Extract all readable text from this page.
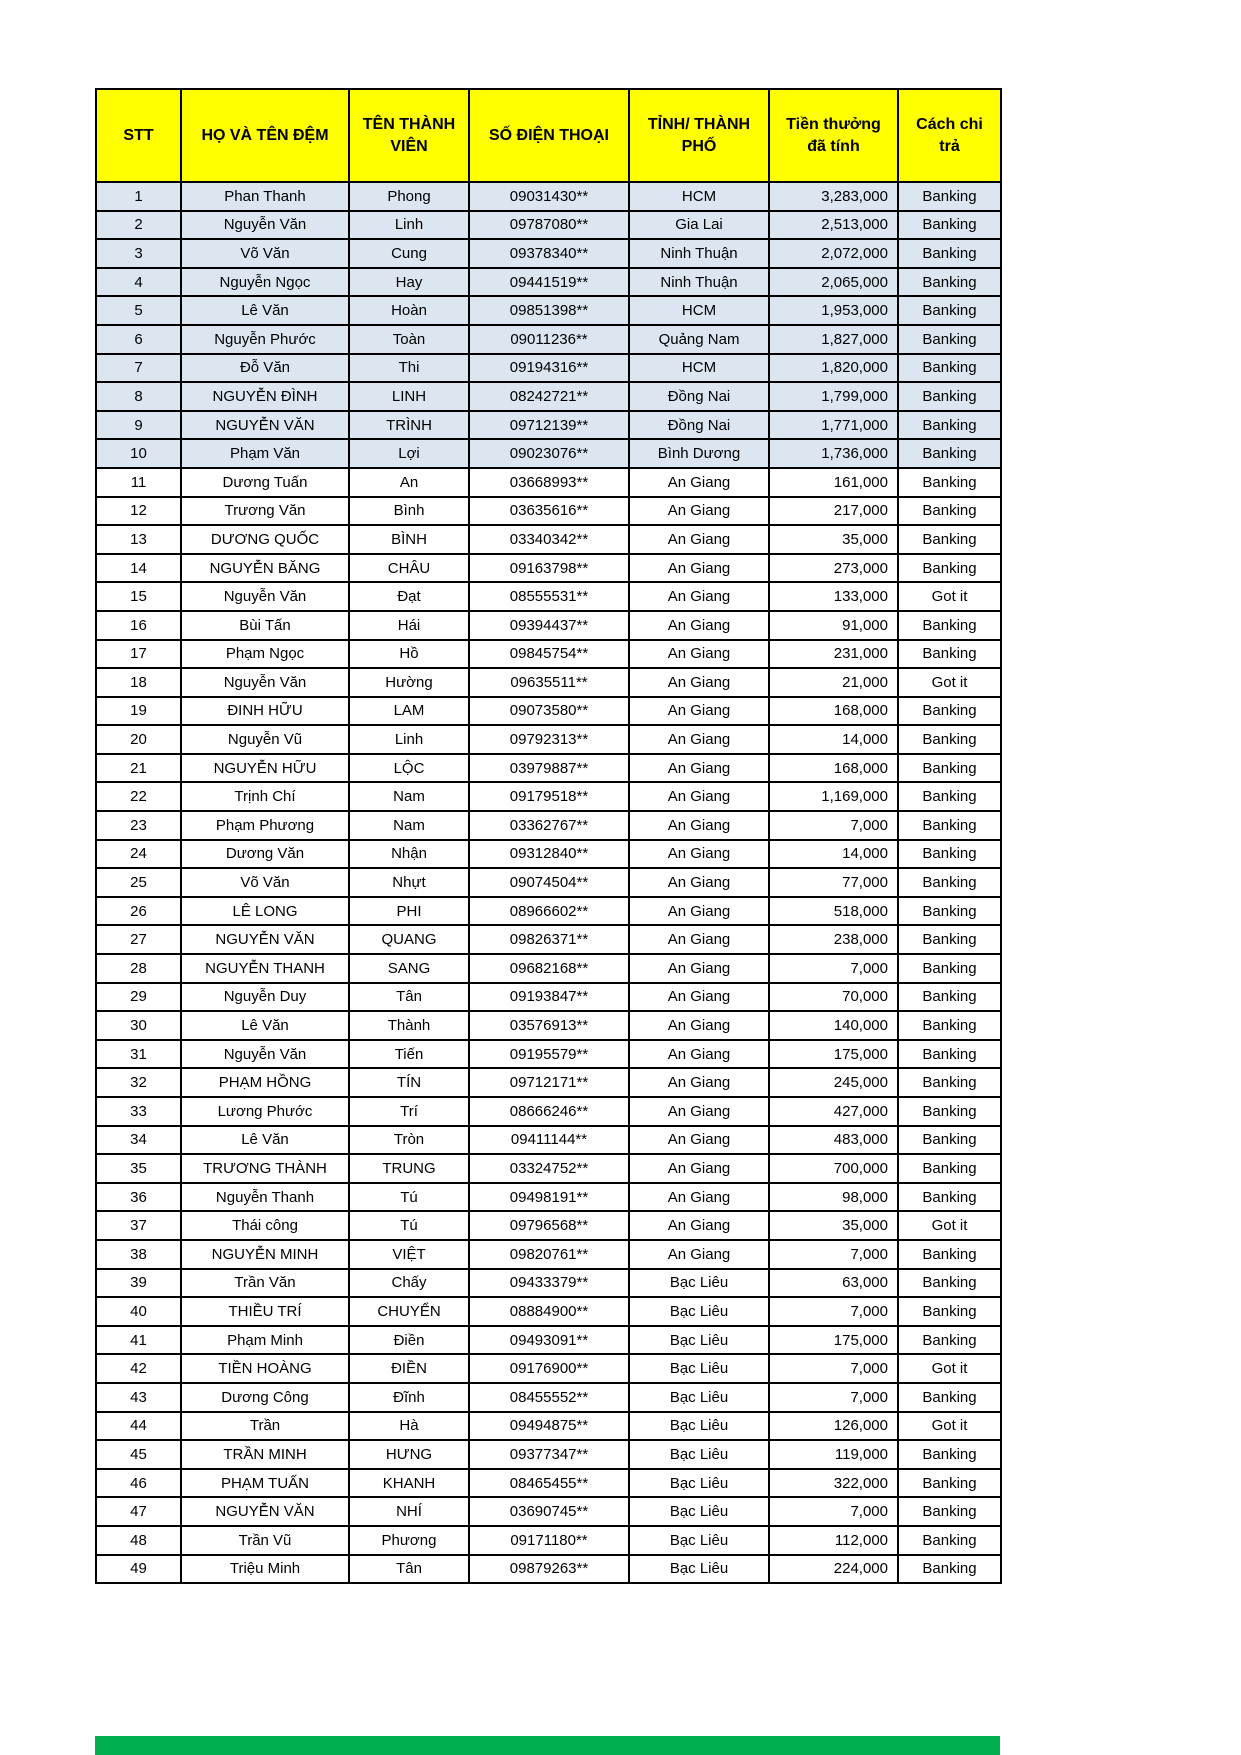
STT	HỌ VÀ TÊN ĐỆM	TÊN THÀNH VIÊN	SỐ ĐIỆN THOẠI	TỈNH/ THÀNH PHỐ	Tiền thưởng đã tính	Cách chi trả
1	Phan Thanh	Phong	09031430**	HCM	3,283,000	Banking
2	Nguyễn Văn	Linh	09787080**	Gia Lai	2,513,000	Banking
3	Võ Văn	Cung	09378340**	Ninh Thuận	2,072,000	Banking
4	Nguyễn Ngọc	Hay	09441519**	Ninh Thuận	2,065,000	Banking
5	Lê Văn	Hoàn	09851398**	HCM	1,953,000	Banking
6	Nguyễn Phước	Toàn	09011236**	Quảng Nam	1,827,000	Banking
7	Đỗ Văn	Thi	09194316**	HCM	1,820,000	Banking
8	NGUYỄN ĐÌNH	LINH	08242721**	Đồng Nai	1,799,000	Banking
9	NGUYỄN VĂN	TRÌNH	09712139**	Đồng Nai	1,771,000	Banking
10	Phạm Văn	Lợi	09023076**	Bình Dương	1,736,000	Banking
11	Dương Tuấn	An	03668993**	An Giang	161,000	Banking
12	Trương Văn	Bình	03635616**	An Giang	217,000	Banking
13	DƯƠNG QUỐC	BÌNH	03340342**	An Giang	35,000	Banking
14	NGUYỄN BĂNG	CHÂU	09163798**	An Giang	273,000	Banking
15	Nguyễn Văn	Đạt	08555531**	An Giang	133,000	Got it
16	Bùi Tấn	Hái	09394437**	An Giang	91,000	Banking
17	Phạm Ngọc	Hồ	09845754**	An Giang	231,000	Banking
18	Nguyễn Văn	Hường	09635511**	An Giang	21,000	Got it
19	ĐINH HỮU	LAM	09073580**	An Giang	168,000	Banking
20	Nguyễn Vũ	Linh	09792313**	An Giang	14,000	Banking
21	NGUYỄN HỮU	LỘC	03979887**	An Giang	168,000	Banking
22	Trịnh Chí	Nam	09179518**	An Giang	1,169,000	Banking
23	Phạm Phương	Nam	03362767**	An Giang	7,000	Banking
24	Dương Văn	Nhận	09312840**	An Giang	14,000	Banking
25	Võ Văn	Nhựt	09074504**	An Giang	77,000	Banking
26	LÊ LONG	PHI	08966602**	An Giang	518,000	Banking
27	NGUYỄN VĂN	QUANG	09826371**	An Giang	238,000	Banking
28	NGUYỄN THANH	SANG	09682168**	An Giang	7,000	Banking
29	Nguyễn Duy	Tân	09193847**	An Giang	70,000	Banking
30	Lê Văn	Thành	03576913**	An Giang	140,000	Banking
31	Nguyễn Văn	Tiến	09195579**	An Giang	175,000	Banking
32	PHẠM HỒNG	TÍN	09712171**	An Giang	245,000	Banking
33	Lương Phước	Trí	08666246**	An Giang	427,000	Banking
34	Lê Văn	Tròn	09411144**	An Giang	483,000	Banking
35	TRƯƠNG THÀNH	TRUNG	03324752**	An Giang	700,000	Banking
36	Nguyễn Thanh	Tú	09498191**	An Giang	98,000	Banking
37	Thái công	Tú	09796568**	An Giang	35,000	Got it
38	NGUYỄN MINH	VIỆT	09820761**	An Giang	7,000	Banking
39	Trần Văn	Chấy	09433379**	Bạc Liêu	63,000	Banking
40	THIỀU TRÍ	CHUYỂN	08884900**	Bạc Liêu	7,000	Banking
41	Phạm Minh	Điền	09493091**	Bạc Liêu	175,000	Banking
42	TIỀN HOÀNG	ĐIỀN	09176900**	Bạc Liêu	7,000	Got it
43	Dương Công	Đĩnh	08455552**	Bạc Liêu	7,000	Banking
44	Trần	Hà	09494875**	Bạc Liêu	126,000	Got it
45	TRẦN MINH	HƯNG	09377347**	Bạc Liêu	119,000	Banking
46	PHẠM TUẤN	KHANH	08465455**	Bạc Liêu	322,000	Banking
47	NGUYỄN VĂN	NHÍ	03690745**	Bạc Liêu	7,000	Banking
48	Trần Vũ	Phương	09171180**	Bạc Liêu	112,000	Banking
49	Triệu Minh	Tân	09879263**	Bạc Liêu	224,000	Banking
